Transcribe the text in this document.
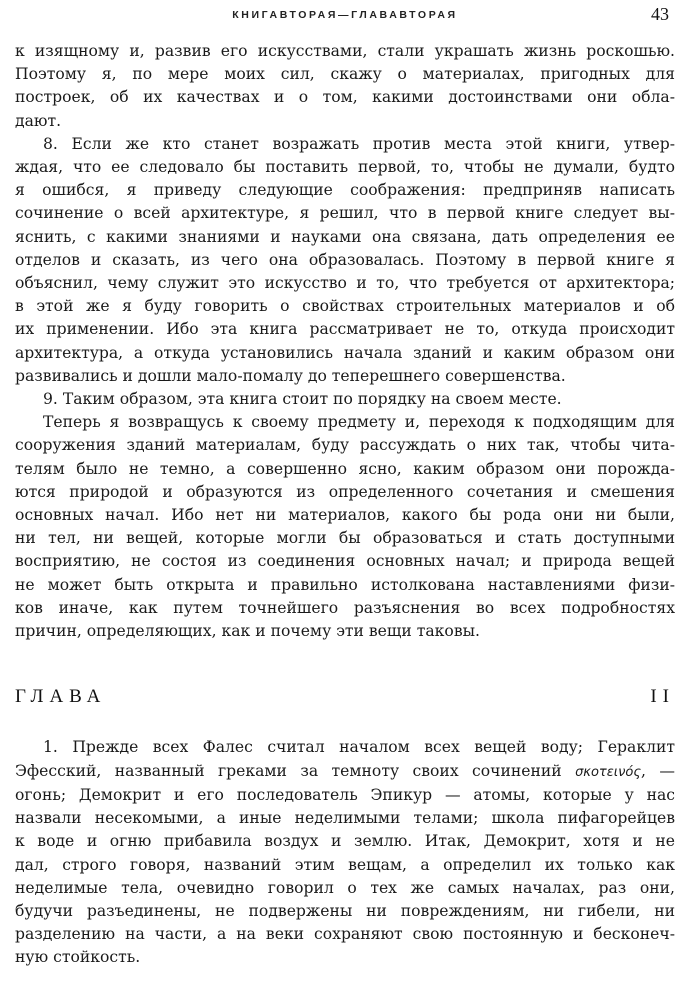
КНИГАВТОРАЯ—ГЛАВАВТОРАЯ	43
к изящному и, развив его искусствами, стали украшать жизнь роскошью.
Поэтому я, по мере моих сил, скажу о материалах, пригодных для
построек, об их качествах и о том, какими достоинствами они обла-
дают.
8. Если же кто станет возражать против места этой книги, утвер-
ждая, что ее следовало бы поставить первой, то, чтобы не думали, будто
я ошибся, я приведу следующие соображения: предприняв написать
сочинение о всей архитектуре, я решил, что в первой книге следует вы-
яснить, с какими знаниями и науками она связана, дать определения ее
отделов и сказать, из чего она образовалась. Поэтому в первой книге я
объяснил, чему служит это искусство и то, что требуется от архитектора;
в этой же я буду говорить о свойствах строительных материалов и об
их применении. Ибо эта книга рассматривает не то, откуда происходит
архитектура, а откуда установились начала зданий и каким образом они
развивались и дошли мало-помалу до теперешнего совершенства.
9. Таким образом, эта книга стоит по порядку на своем месте.
Теперь я возвращусь к своему предмету и, переходя к подходящим для
сооружения зданий материалам, буду рассуждать о них так, чтобы чита-
телям было не темно, а совершенно ясно, каким образом они порожда-
ются природой и образуются из определенного сочетания и смешения
основных начал. Ибо нет ни материалов, какого бы рода они ни были,
ни тел, ни вещей, которые могли бы образоваться и стать доступными
восприятию, не состоя из соединения основных начал; и природа вещей
не может быть открыта и правильно истолкована наставлениями физи-
ков иначе, как путем точнейшего разъяснения во всех подробностях
причин, определяющих, как и почему эти вещи таковы.
ГЛАВА II
1. Прежде всех Фалес считал началом всех вещей воду; Гераклит
Эфесский, названный греками за темноту своих сочинений σκοτεινός, —
огонь; Демокрит и его последователь Эпикур — атомы, которые у нас
назвали несекомыми, а иные неделимыми телами; школа пифагорейцев
к воде и огню прибавила воздух и землю. Итак, Демокрит, хотя и не
дал, строго говоря, названий этим вещам, а определил их только как
неделимые тела, очевидно говорил о тех же самых началах, раз они,
будучи разъединены, не подвержены ни повреждениям, ни гибели, ни
разделению на части, а на веки сохраняют свою постоянную и бесконеч-
ную стойкость.
